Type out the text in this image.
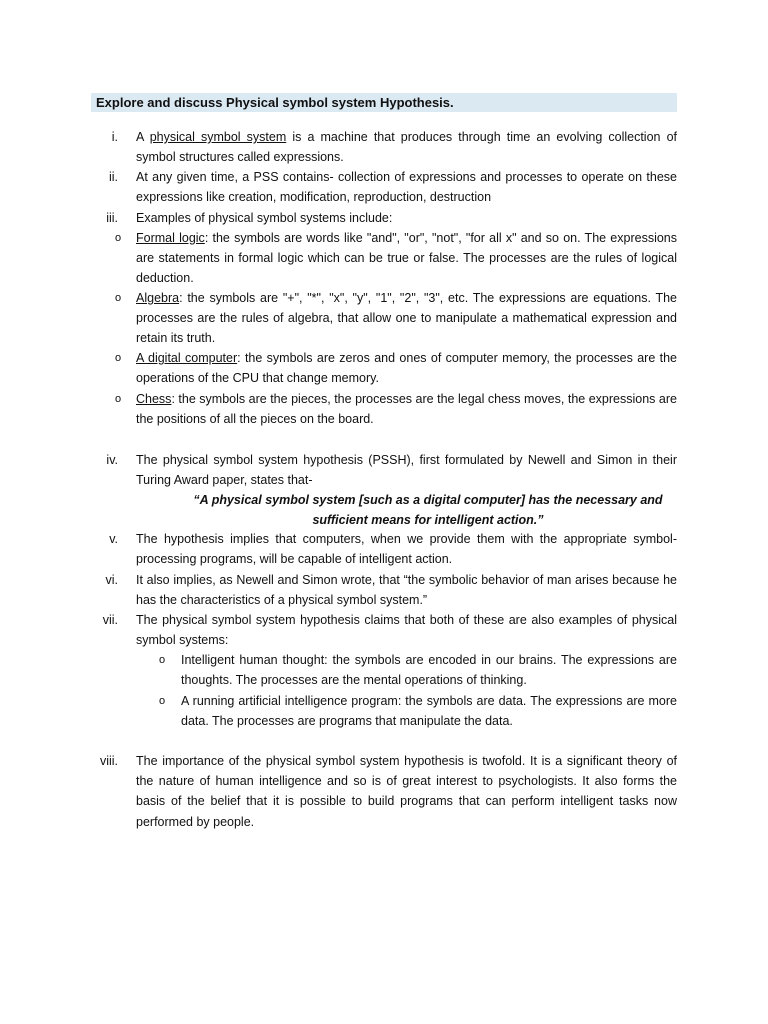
Explore and discuss Physical symbol system Hypothesis.
i. A physical symbol system is a machine that produces through time an evolving collection of symbol structures called expressions.
ii. At any given time, a PSS contains- collection of expressions and processes to operate on these expressions like creation, modification, reproduction, destruction
iii. Examples of physical symbol systems include:
o Formal logic: the symbols are words like "and", "or", "not", "for all x" and so on. The expressions are statements in formal logic which can be true or false. The processes are the rules of logical deduction.
o Algebra: the symbols are "+", "*", "x", "y", "1", "2", "3", etc. The expressions are equations. The processes are the rules of algebra, that allow one to manipulate a mathematical expression and retain its truth.
o A digital computer: the symbols are zeros and ones of computer memory, the processes are the operations of the CPU that change memory.
o Chess: the symbols are the pieces, the processes are the legal chess moves, the expressions are the positions of all the pieces on the board.
iv. The physical symbol system hypothesis (PSSH), first formulated by Newell and Simon in their Turing Award paper, states that-
“A physical symbol system [such as a digital computer] has the necessary and
sufficient means for intelligent action.”
v. The hypothesis implies that computers, when we provide them with the appropriate symbol-processing programs, will be capable of intelligent action.
vi. It also implies, as Newell and Simon wrote, that “the symbolic behavior of man arises because he has the characteristics of a physical symbol system.”
vii. The physical symbol system hypothesis claims that both of these are also examples of physical symbol systems:
o Intelligent human thought: the symbols are encoded in our brains. The expressions are thoughts. The processes are the mental operations of thinking.
o A running artificial intelligence program: the symbols are data. The expressions are more data. The processes are programs that manipulate the data.
viii. The importance of the physical symbol system hypothesis is twofold. It is a significant theory of the nature of human intelligence and so is of great interest to psychologists. It also forms the basis of the belief that it is possible to build programs that can perform intelligent tasks now performed by people.
